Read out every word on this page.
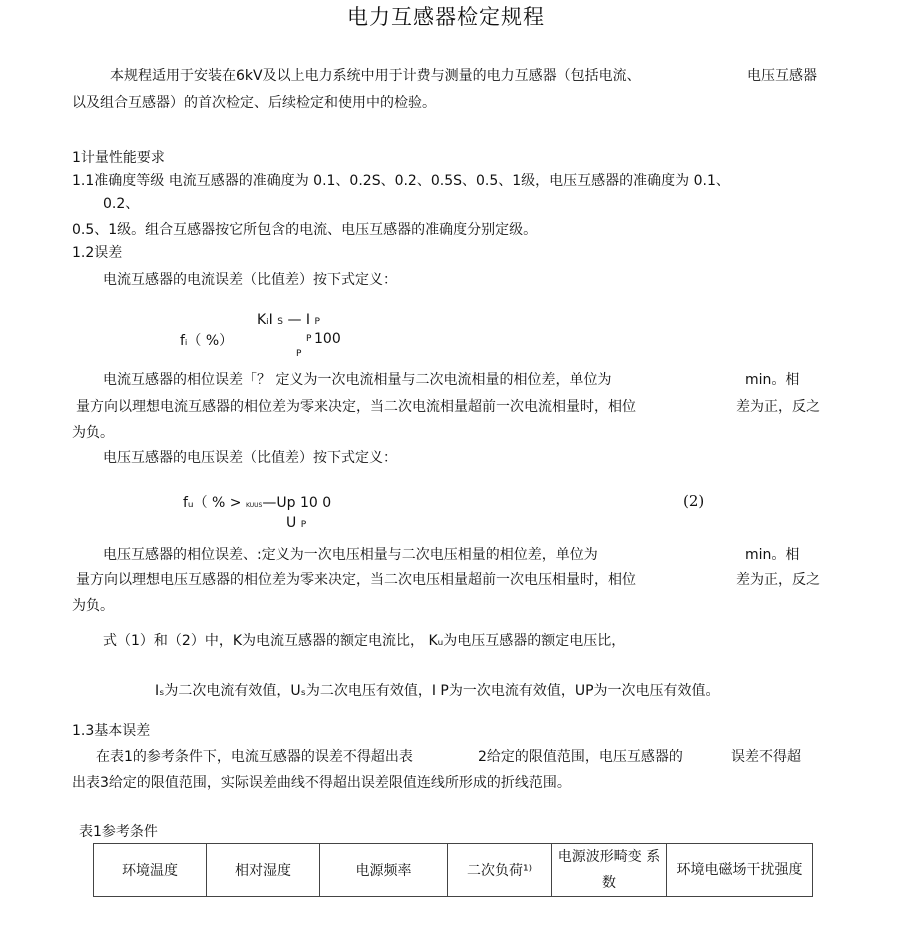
电力互感器检定规程
本规程适用于安装在6kV及以上电力系统中用于计费与测量的电力互感器（包括电流、	电压互感器
以及组合互感器）的首次检定、后续检定和使用中的检验。
1计量性能要求
1.1准确度等级 电流互感器的准确度为 0.1、0.2S、0.2、0.5S、0.5、1级，电压互感器的准确度为 0.1、
0.2、
0.5、1级。组合互感器按它所包含的电流、电压互感器的准确度分别定级。
1.2误差
电流互感器的电流误差（比值差）按下式定义：
KᵢI S — I P
fᵢ（ %）	P 100
P
电流互感器的相位误差「？ 定义为一次电流相量与二次电流相量的相位差，单位为	min。相
量方向以理想电流互感器的相位差为零来决定，当二次电流相量超前一次电流相量时，相位	差为正，反之
为负。
电压互感器的电压误差（比值差）按下式定义：
fᵤ（ % > KUUS—Up 10 0
U P
(2)
电压互感器的相位误差、:定义为一次电压相量与二次电压相量的相位差，单位为	min。相
量方向以理想电压互感器的相位差为零来决定，当二次电压相量超前一次电压相量时，相位	差为正，反之
为负。
式（1）和（2）中，K为电流互感器的额定电流比， Kᵤ为电压互感器的额定电压比，
Iₛ为二次电流有效值，Uₛ为二次电压有效值，I P为一次电流有效值，UP为一次电压有效值。
1.3基本误差
在表1的参考条件下，电流互感器的误差不得超出表	2给定的限值范围，电压互感器的	误差不得超
出表3给定的限值范围，实际误差曲线不得超出误差限值连线所形成的折线范围。
表1参考条件
环境温度	相对湿度	电源频率	二次负荷¹⁾	电源波形畸变 系数	环境电磁场干扰强度
